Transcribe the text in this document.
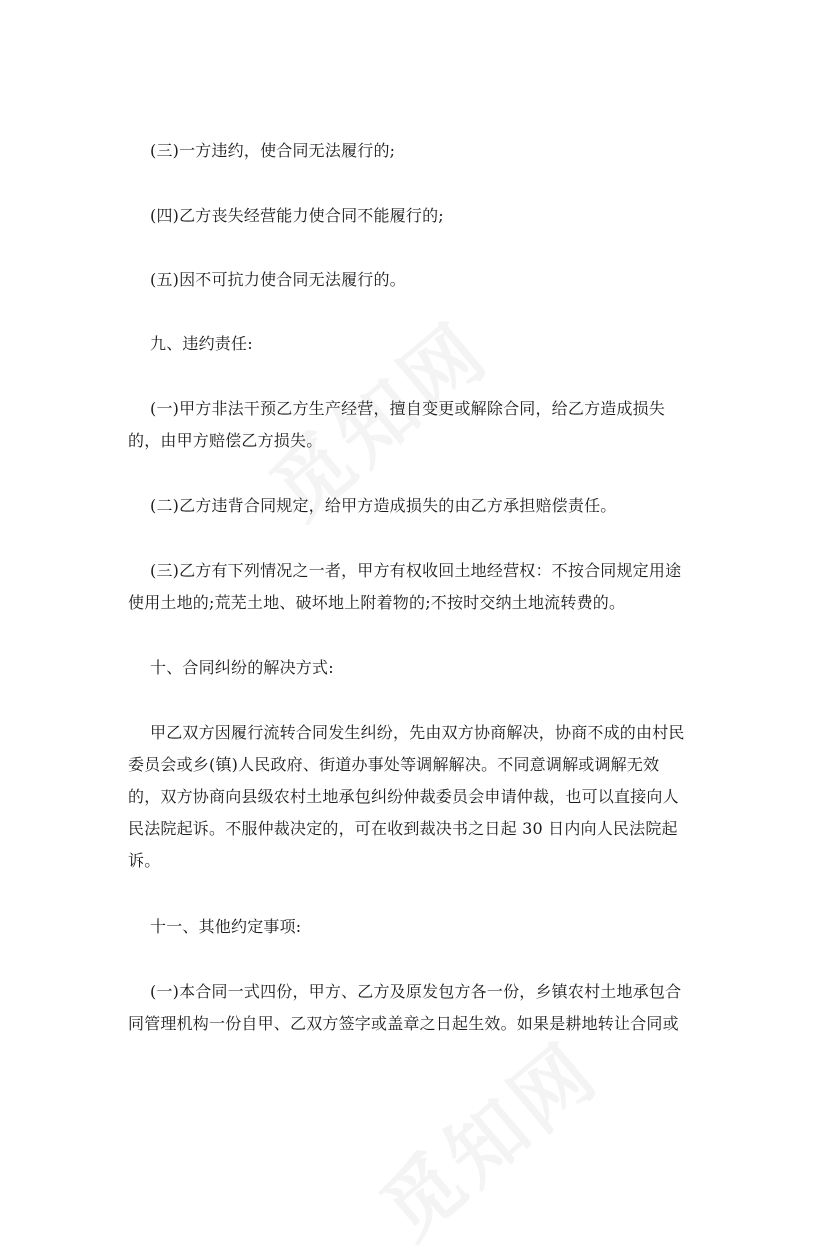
(三)一方违约，使合同无法履行的;
(四)乙方丧失经营能力使合同不能履行的;
(五)因不可抗力使合同无法履行的。
九、违约责任:
(一)甲方非法干预乙方生产经营，擅自变更或解除合同，给乙方造成损失
的，由甲方赔偿乙方损失。
(二)乙方违背合同规定，给甲方造成损失的由乙方承担赔偿责任。
(三)乙方有下列情况之一者，甲方有权收回土地经营权：不按合同规定用途
使用土地的;荒芜土地、破坏地上附着物的;不按时交纳土地流转费的。
十、合同纠纷的解决方式:
甲乙双方因履行流转合同发生纠纷，先由双方协商解决，协商不成的由村民
委员会或乡(镇)人民政府、街道办事处等调解解决。不同意调解或调解无效
的，双方协商向县级农村土地承包纠纷仲裁委员会申请仲裁，也可以直接向人
民法院起诉。不服仲裁决定的，可在收到裁决书之日起 30 日内向人民法院起
诉。
十一、其他约定事项:
(一)本合同一式四份，甲方、乙方及原发包方各一份，乡镇农村土地承包合
同管理机构一份自甲、乙双方签字或盖章之日起生效。如果是耕地转让合同或
